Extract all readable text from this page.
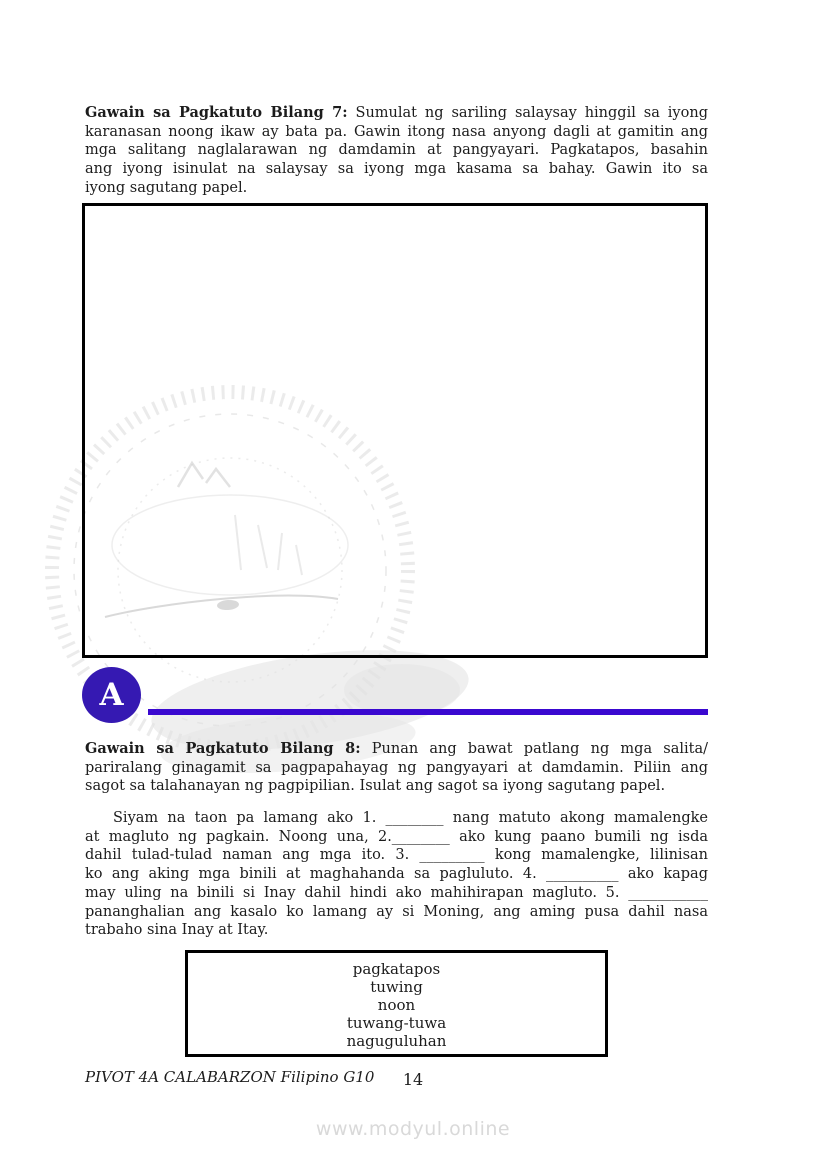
Gawain sa Pagkatuto Bilang 7: Sumulat ng sariling salaysay hinggil sa iyong
karanasan noong ikaw ay bata pa. Gawin itong nasa anyong dagli at gamitin ang
mga salitang naglalarawan ng damdamin at pangyayari. Pagkatapos, basahin
ang iyong isinulat na salaysay sa iyong mga kasama sa bahay. Gawin ito sa
iyong sagutang papel.
A
Gawain sa Pagkatuto Bilang 8: Punan ang bawat patlang ng mga salita/
pariralang ginagamit sa pagpapahayag ng pangyayari at damdamin. Piliin ang
sagot sa talahanayan ng pagpipilian. Isulat ang sagot sa iyong sagutang papel.
Siyam na taon pa lamang ako 1. ________ nang matuto akong mamalengke
at magluto ng pagkain. Noong una, 2.________ ako kung paano bumili ng isda
dahil tulad-tulad naman ang mga ito. 3. _________ kong mamalengke, lilinisan
ko ang aking mga binili at maghahanda sa pagluluto. 4. __________ ako kapag
may uling na binili si Inay dahil hindi ako mahihirapan magluto. 5. ___________
pananghalian ang kasalo ko lamang ay si Moning, ang aming pusa dahil nasa
trabaho sina Inay at Itay.
pagkatapos
tuwing
noon
tuwang-tuwa
naguguluhan
PIVOT 4A CALABARZON Filipino G10	14
www.modyul.online
